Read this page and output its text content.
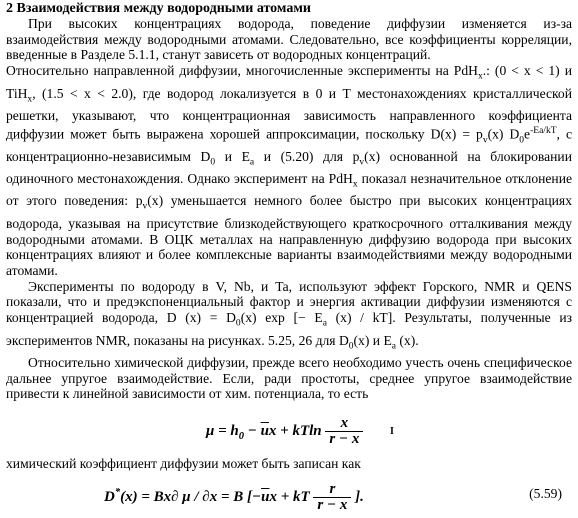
2 Взаимодействия между водородными атомами

При высоких концентрациях водорода, поведение диффузии изменяется из-за взаимодействия между водородными атомами. Следовательно, все коэффициенты корреляции, введенные в Разделе 5.1.1, станут зависеть от водородных концентраций.
Относительно направленной диффузии, многочисленные эксперименты на PdH$_x$.: (0 < x < 1) и TiH$_x$, (1.5 < x < 2.0), где водород локализуется в 0 и T местонахождениях кристаллической решетки, указывают, что концентрационная зависимость направленного коэффициента диффузии может быть выражена хорошей аппроксимации, поскольку $D(x) = p_v(x)$ $D_0e^{-Ea/kT}$, с концентрационно-независимым $D_0$ и $E_a$ и (5.20) для $p_v(x)$ основанной на блокировании одиночного местонахождения. Однако эксперимент на PdH$_x$ показал незначительное отклонение от этого поведения: $p_v(x)$ уменьшается немного более быстро при высоких концентрациях водорода, указывая на присутствие близкодействующего краткосрочного отталкивания между водородными атомами. В ОЦК металлах на направленную диффузию водорода при высоких концентрациях влияют и более комплексные варианты взаимодействиями между водородными атомами.

Эксперименты по водороду в V, Nb, и Ta, используют эффект Горского, NMR и QENS показали, что и предэкспоненциальный фактор и энергия активации диффузии изменяются с концентрацией водорода, D $(x) = D_0(x)$ exp [− $E_a$ (x) / kT]. Результаты, полученные из экспериментов NMR, показаны на рисунках. 5.25, 26 для $D_0(x)$ и $E_a$ (x).

Относительно химической диффузии, прежде всего необходимо учесть очень специфическое дальнее упругое взаимодействие. Если, ради простоты, среднее упругое взаимодействие привести к линейной зависимости от хим. потенциала, то есть

$\mu = h_0 - \overline{u}x + kTln \frac{x}{r - x}$	I

химический коэффициент диффузии может быть записан как

D*(x) = Bx∂ μ / ∂x = B [$-\overline{u}x$ + kT $\frac{r}{r - x}$ ].	(5.59)
